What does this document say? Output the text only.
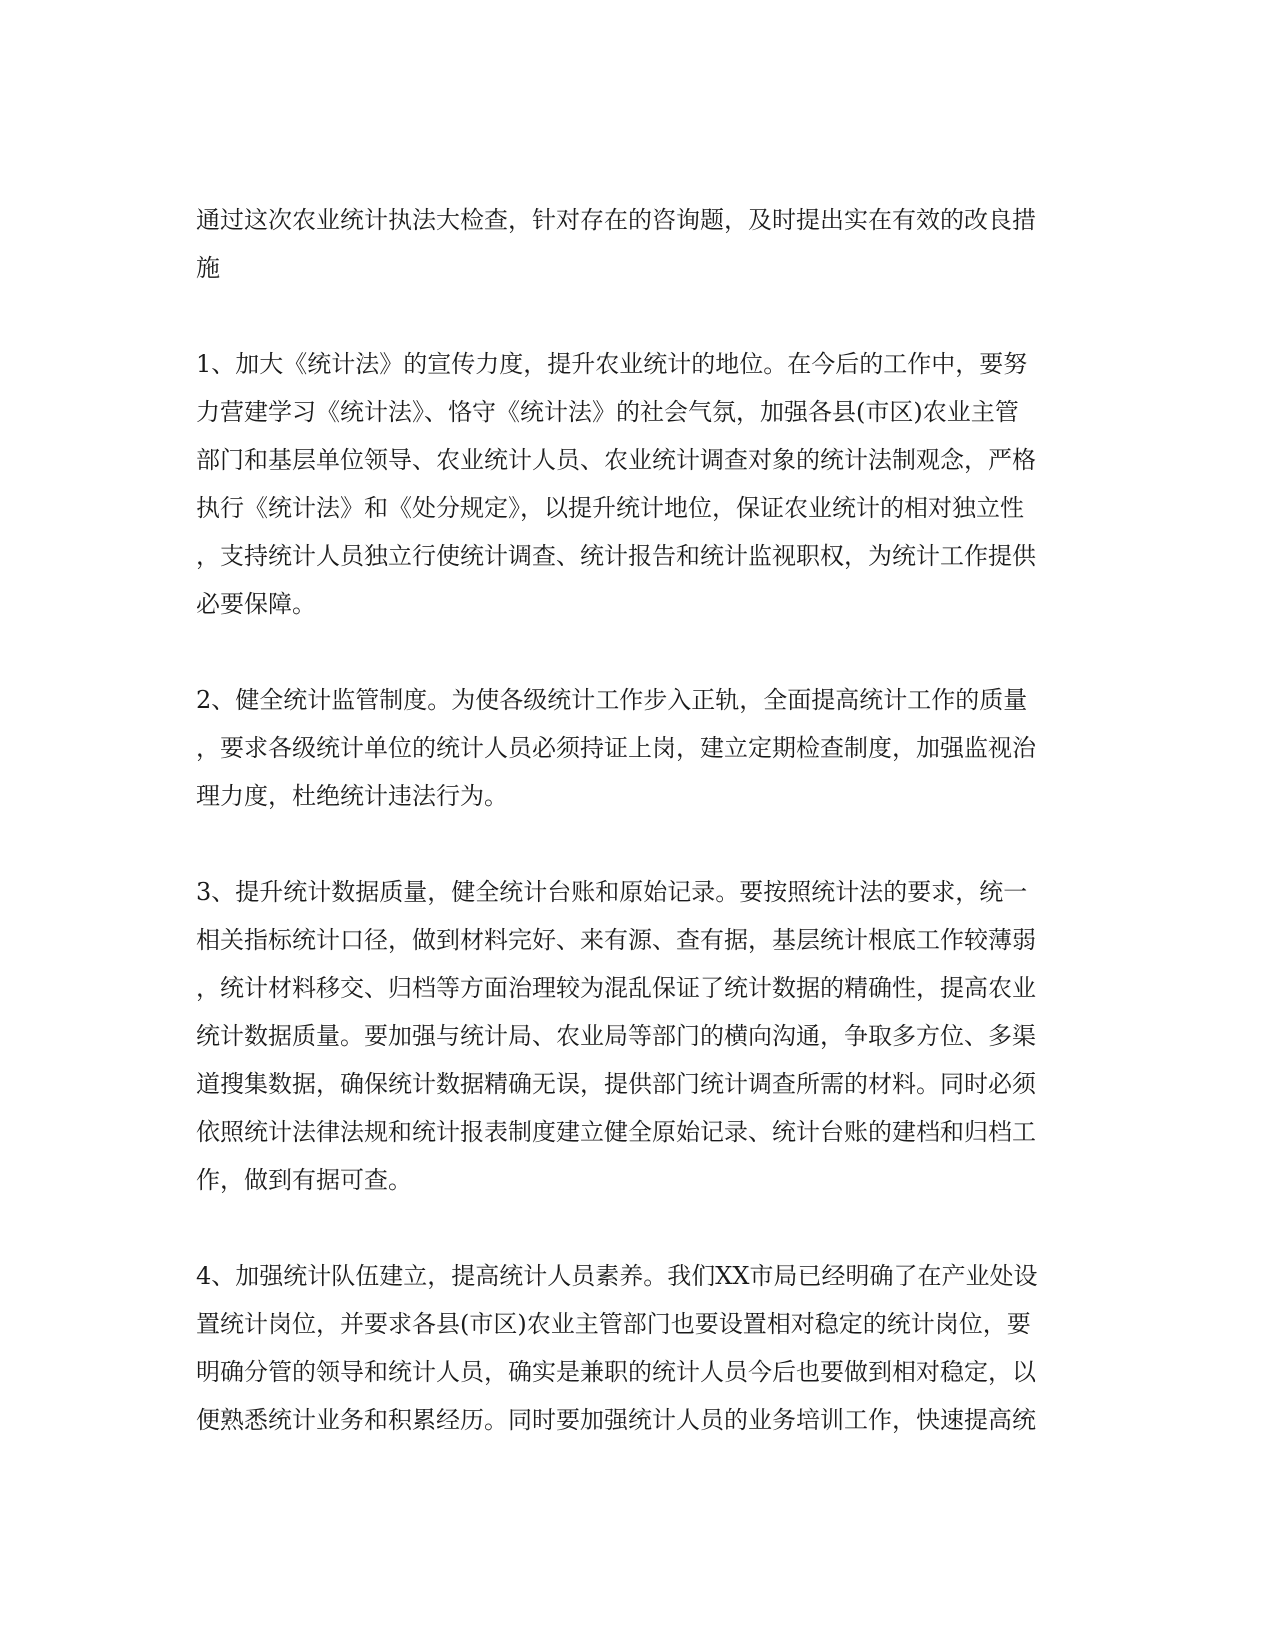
通过这次农业统计执法大检查，针对存在的咨询题，及时提出实在有效的改良措
施
1、加大《统计法》的宣传力度，提升农业统计的地位。在今后的工作中，要努
力营建学习《统计法》、恪守《统计法》的社会气氛，加强各县(市区)农业主管
部门和基层单位领导、农业统计人员、农业统计调查对象的统计法制观念，严格
执行《统计法》和《处分规定》，以提升统计地位，保证农业统计的相对独立性
，支持统计人员独立行使统计调查、统计报告和统计监视职权，为统计工作提供
必要保障。
2、健全统计监管制度。为使各级统计工作步入正轨，全面提高统计工作的质量
，要求各级统计单位的统计人员必须持证上岗，建立定期检查制度，加强监视治
理力度，杜绝统计违法行为。
3、提升统计数据质量，健全统计台账和原始记录。要按照统计法的要求，统一
相关指标统计口径，做到材料完好、来有源、查有据，基层统计根底工作较薄弱
，统计材料移交、归档等方面治理较为混乱保证了统计数据的精确性，提高农业
统计数据质量。要加强与统计局、农业局等部门的横向沟通，争取多方位、多渠
道搜集数据，确保统计数据精确无误，提供部门统计调查所需的材料。同时必须
依照统计法律法规和统计报表制度建立健全原始记录、统计台账的建档和归档工
作，做到有据可查。
4、加强统计队伍建立，提高统计人员素养。我们XX市局已经明确了在产业处设
置统计岗位，并要求各县(市区)农业主管部门也要设置相对稳定的统计岗位，要
明确分管的领导和统计人员，确实是兼职的统计人员今后也要做到相对稳定，以
便熟悉统计业务和积累经历。同时要加强统计人员的业务培训工作，快速提高统
